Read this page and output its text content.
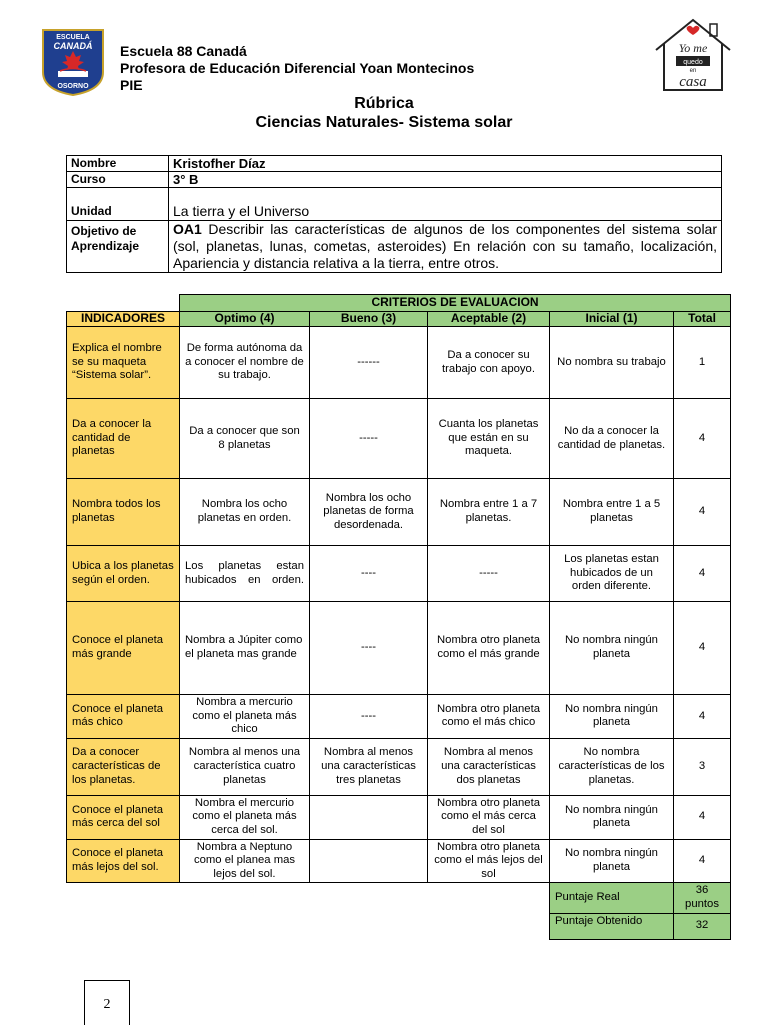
ESCUELA
CANADÁ
OSORNO
Escuela 88 Canadá
Profesora de Educación Diferencial Yoan Montecinos
PIE
Yo me
quedo
en
casa
Rúbrica
Ciencias Naturales- Sistema solar
Nombre	Kristofher Díaz
Curso	3° B
Unidad	La tierra y el Universo

Objetivo de
Aprendizaje	OA1 Describir las características de algunos de los componentes del sistema solar (sol, planetas, lunas, cometas, asteroides) En relación con su tamaño, localización, Apariencia y distancia relativa a la tierra, entre otros.
	CRITERIOS DE EVALUACION				
INDICADORES	Optimo (4)	Bueno (3)	Aceptable (2)	Inicial (1)	Total
Explica el nombre se su maqueta “Sistema solar”.	De forma autónoma da a conocer el nombre de su trabajo.	------	Da a conocer su trabajo con apoyo.	No nombra su trabajo	1
Da a conocer la cantidad de planetas	Da a conocer que son 8 planetas	-----	Cuanta los planetas que están en su maqueta.	No da a conocer la cantidad de planetas.	4
Nombra todos los planetas	Nombra los ocho planetas en orden.	Nombra los ocho planetas de forma desordenada.	Nombra entre 1 a 7 planetas.	Nombra entre 1 a 5 planetas	4
Ubica a los planetas según el orden.	Los planetas estan hubicados en orden.	----	-----	Los planetas estan hubicados de un orden diferente.	4
Conoce el planeta más grande	Nombra a Júpiter como el planeta mas grande	----	Nombra otro planeta como el más grande	No nombra ningún planeta	4
Conoce el planeta más chico	Nombra a mercurio como el planeta más chico	----	Nombra otro planeta como el más chico	No nombra ningún planeta	4
Da a conocer características de los planetas.	Nombra al menos una característica cuatro planetas	Nombra al menos una características tres planetas	Nombra al menos una características dos planetas	No nombra características de los planetas.	3
Conoce el planeta más cerca del sol	Nombra el mercurio como el planeta más cerca del sol.		Nombra otro planeta como el más cerca del sol	No nombra ningún planeta	4
Conoce el planeta más lejos del sol.	Nombra a Neptuno como el planea mas lejos del sol.		Nombra otro planeta como el más lejos del sol	No nombra ningún planeta	4
				Puntaje Real	36 puntos
				Puntaje Obtenido	32
2
